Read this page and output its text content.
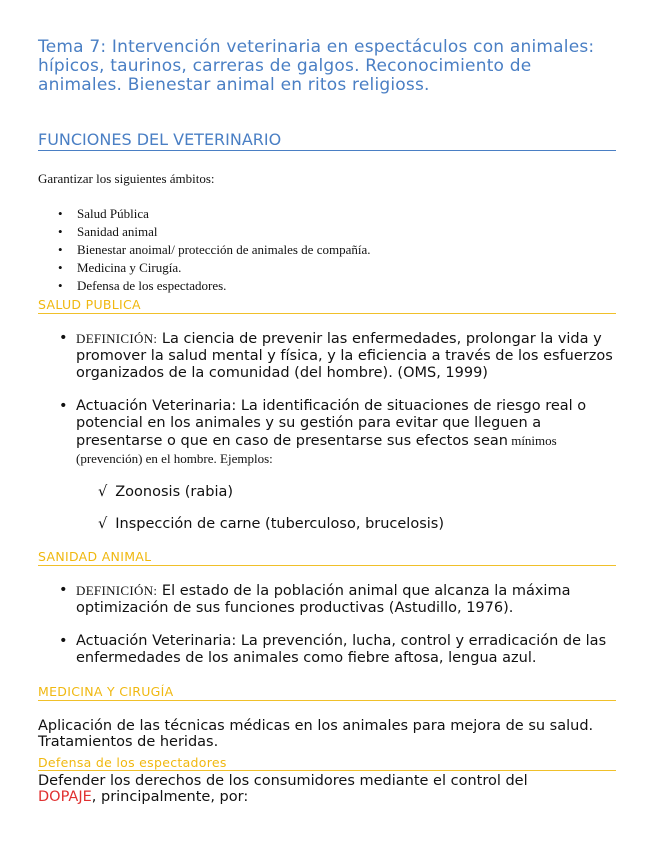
Tema 7: Intervención veterinaria en espectáculos con animales:
hípicos, taurinos, carreras de galgos. Reconocimiento de
animales. Bienestar animal en ritos religioss.
FUNCIONES DEL VETERINARIO
Garantizar los siguientes ámbitos:
• Salud Pública
• Sanidad animal
• Bienestar anoimal/ protección de animales de compañía.
• Medicina y Cirugía.
• Defensa de los espectadores.
SALUD PUBLICA
• DEFINICIÓN: La ciencia de prevenir las enfermedades, prolongar la vida y promover la salud mental y física, y la eficiencia a través de los esfuerzos organizados de la comunidad (del hombre). (OMS, 1999)
• Actuación Veterinaria: La identificación de situaciones de riesgo real o potencial en los animales y su gestión para evitar que lleguen a presentarse o que en caso de presentarse sus efectos sean mínimos (prevención) en el hombre. Ejemplos:
√ Zoonosis (rabia)
√ Inspección de carne (tuberculoso, brucelosis)
SANIDAD ANIMAL
• DEFINICIÓN: El estado de la población animal que alcanza la máxima optimización de sus funciones productivas (Astudillo, 1976).
• Actuación Veterinaria: La prevención, lucha, control y erradicación de las enfermedades de los animales como fiebre aftosa, lengua azul.
MEDICINA Y CIRUGÍA
Aplicación de las técnicas médicas en los animales para mejora de su salud. Tratamientos de heridas.
Defensa de los espectadores
Defender los derechos de los consumidores mediante el control del
DOPAJE, principalmente, por:
